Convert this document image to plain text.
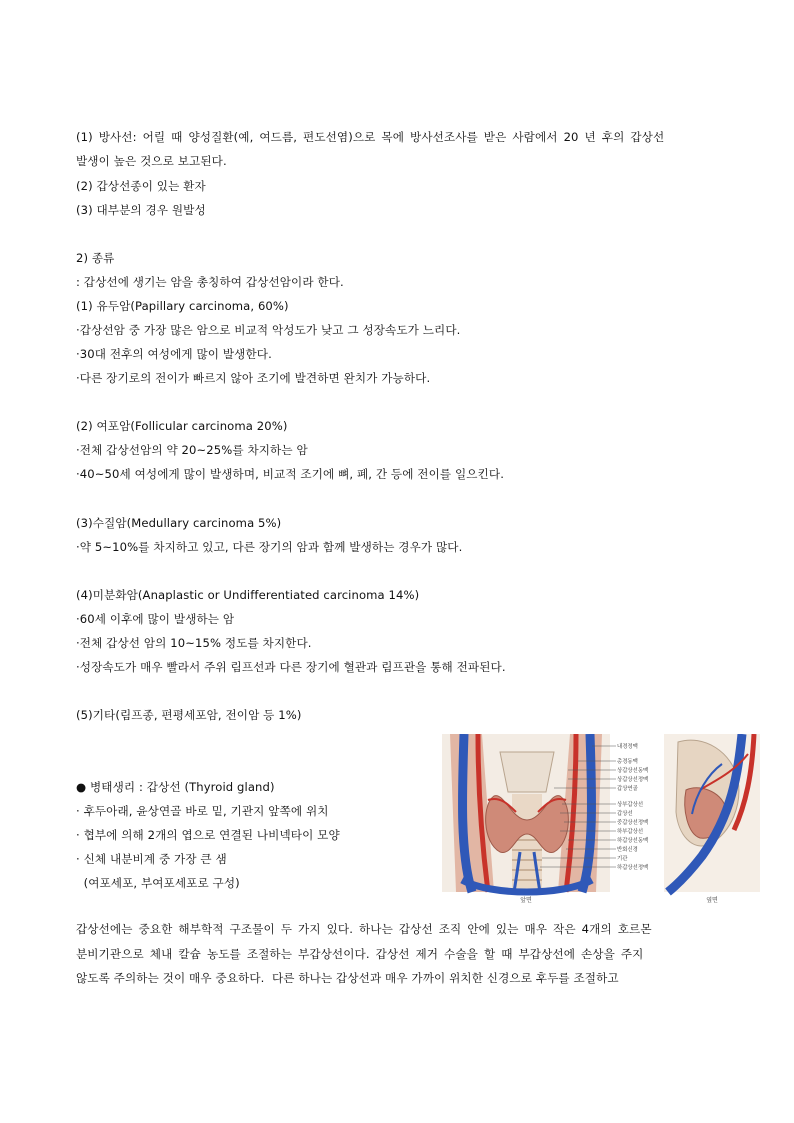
(1) 방사선: 어릴 때 양성질환(예, 여드름, 편도선염)으로 목에 방사선조사를 받은 사람에서 20 년 후의 갑상선
발생이 높은 것으로 보고된다.
(2) 갑상선종이 있는 환자
(3) 대부분의 경우 원발성
2) 종류
: 갑상선에 생기는 암을 총칭하여 갑상선암이라 한다.
(1) 유두암(Papillary carcinoma, 60%)
·갑상선암 중 가장 많은 암으로 비교적 악성도가 낮고 그 성장속도가 느리다.
·30대 전후의 여성에게 많이 발생한다.
·다른 장기로의 전이가 빠르지 않아 조기에 발견하면 완치가 가능하다.
(2) 여포암(Follicular carcinoma 20%)
·전체 갑상선암의 약 20~25%를 차지하는 암
·40~50세 여성에게 많이 발생하며, 비교적 조기에 뼈, 폐, 간 등에 전이를 일으킨다.
(3)수질암(Medullary carcinoma 5%)
·약 5~10%를 차지하고 있고, 다른 장기의 암과 함께 발생하는 경우가 많다.
(4)미분화암(Anaplastic or Undifferentiated carcinoma 14%)
·60세 이후에 많이 발생하는 암
·전체 갑상선 암의 10~15% 정도를 차지한다.
·성장속도가 매우 빨라서 주위 림프선과 다른 장기에 혈관과 림프관을 통해 전파된다.
(5)기타(림프종, 편평세포암, 전이암 등 1%)
● 병태생리 : 갑상선 (Thyroid gland)
· 후두아래, 윤상연골 바로 밑, 기관지 앞쪽에 위치
· 협부에 의해 2개의 엽으로 연결된 나비넥타이 모양
· 신체 내분비계 중 가장 큰 샘
(여포세포, 부여포세포로 구성)
내경정맥
총경동맥
상갑상선동맥
상갑상선정맥
갑상연골
상부갑상선
갑상선
중갑상선정맥
하부갑상선
하갑상선동맥
반회신경
기관
하갑상선정맥
앞면	옆면
갑상선에는 중요한 해부학적 구조물이 두 가지 있다. 하나는 갑상선 조직 안에 있는 매우 작은 4개의 호르몬
분비기관으로 체내 칼슘 농도를 조절하는 부갑상선이다. 갑상선 제거 수술을 할 때 부갑상선에 손상을 주지
않도록 주의하는 것이 매우 중요하다.  다른 하나는 갑상선과 매우 가까이 위치한 신경으로 후두를 조절하고
